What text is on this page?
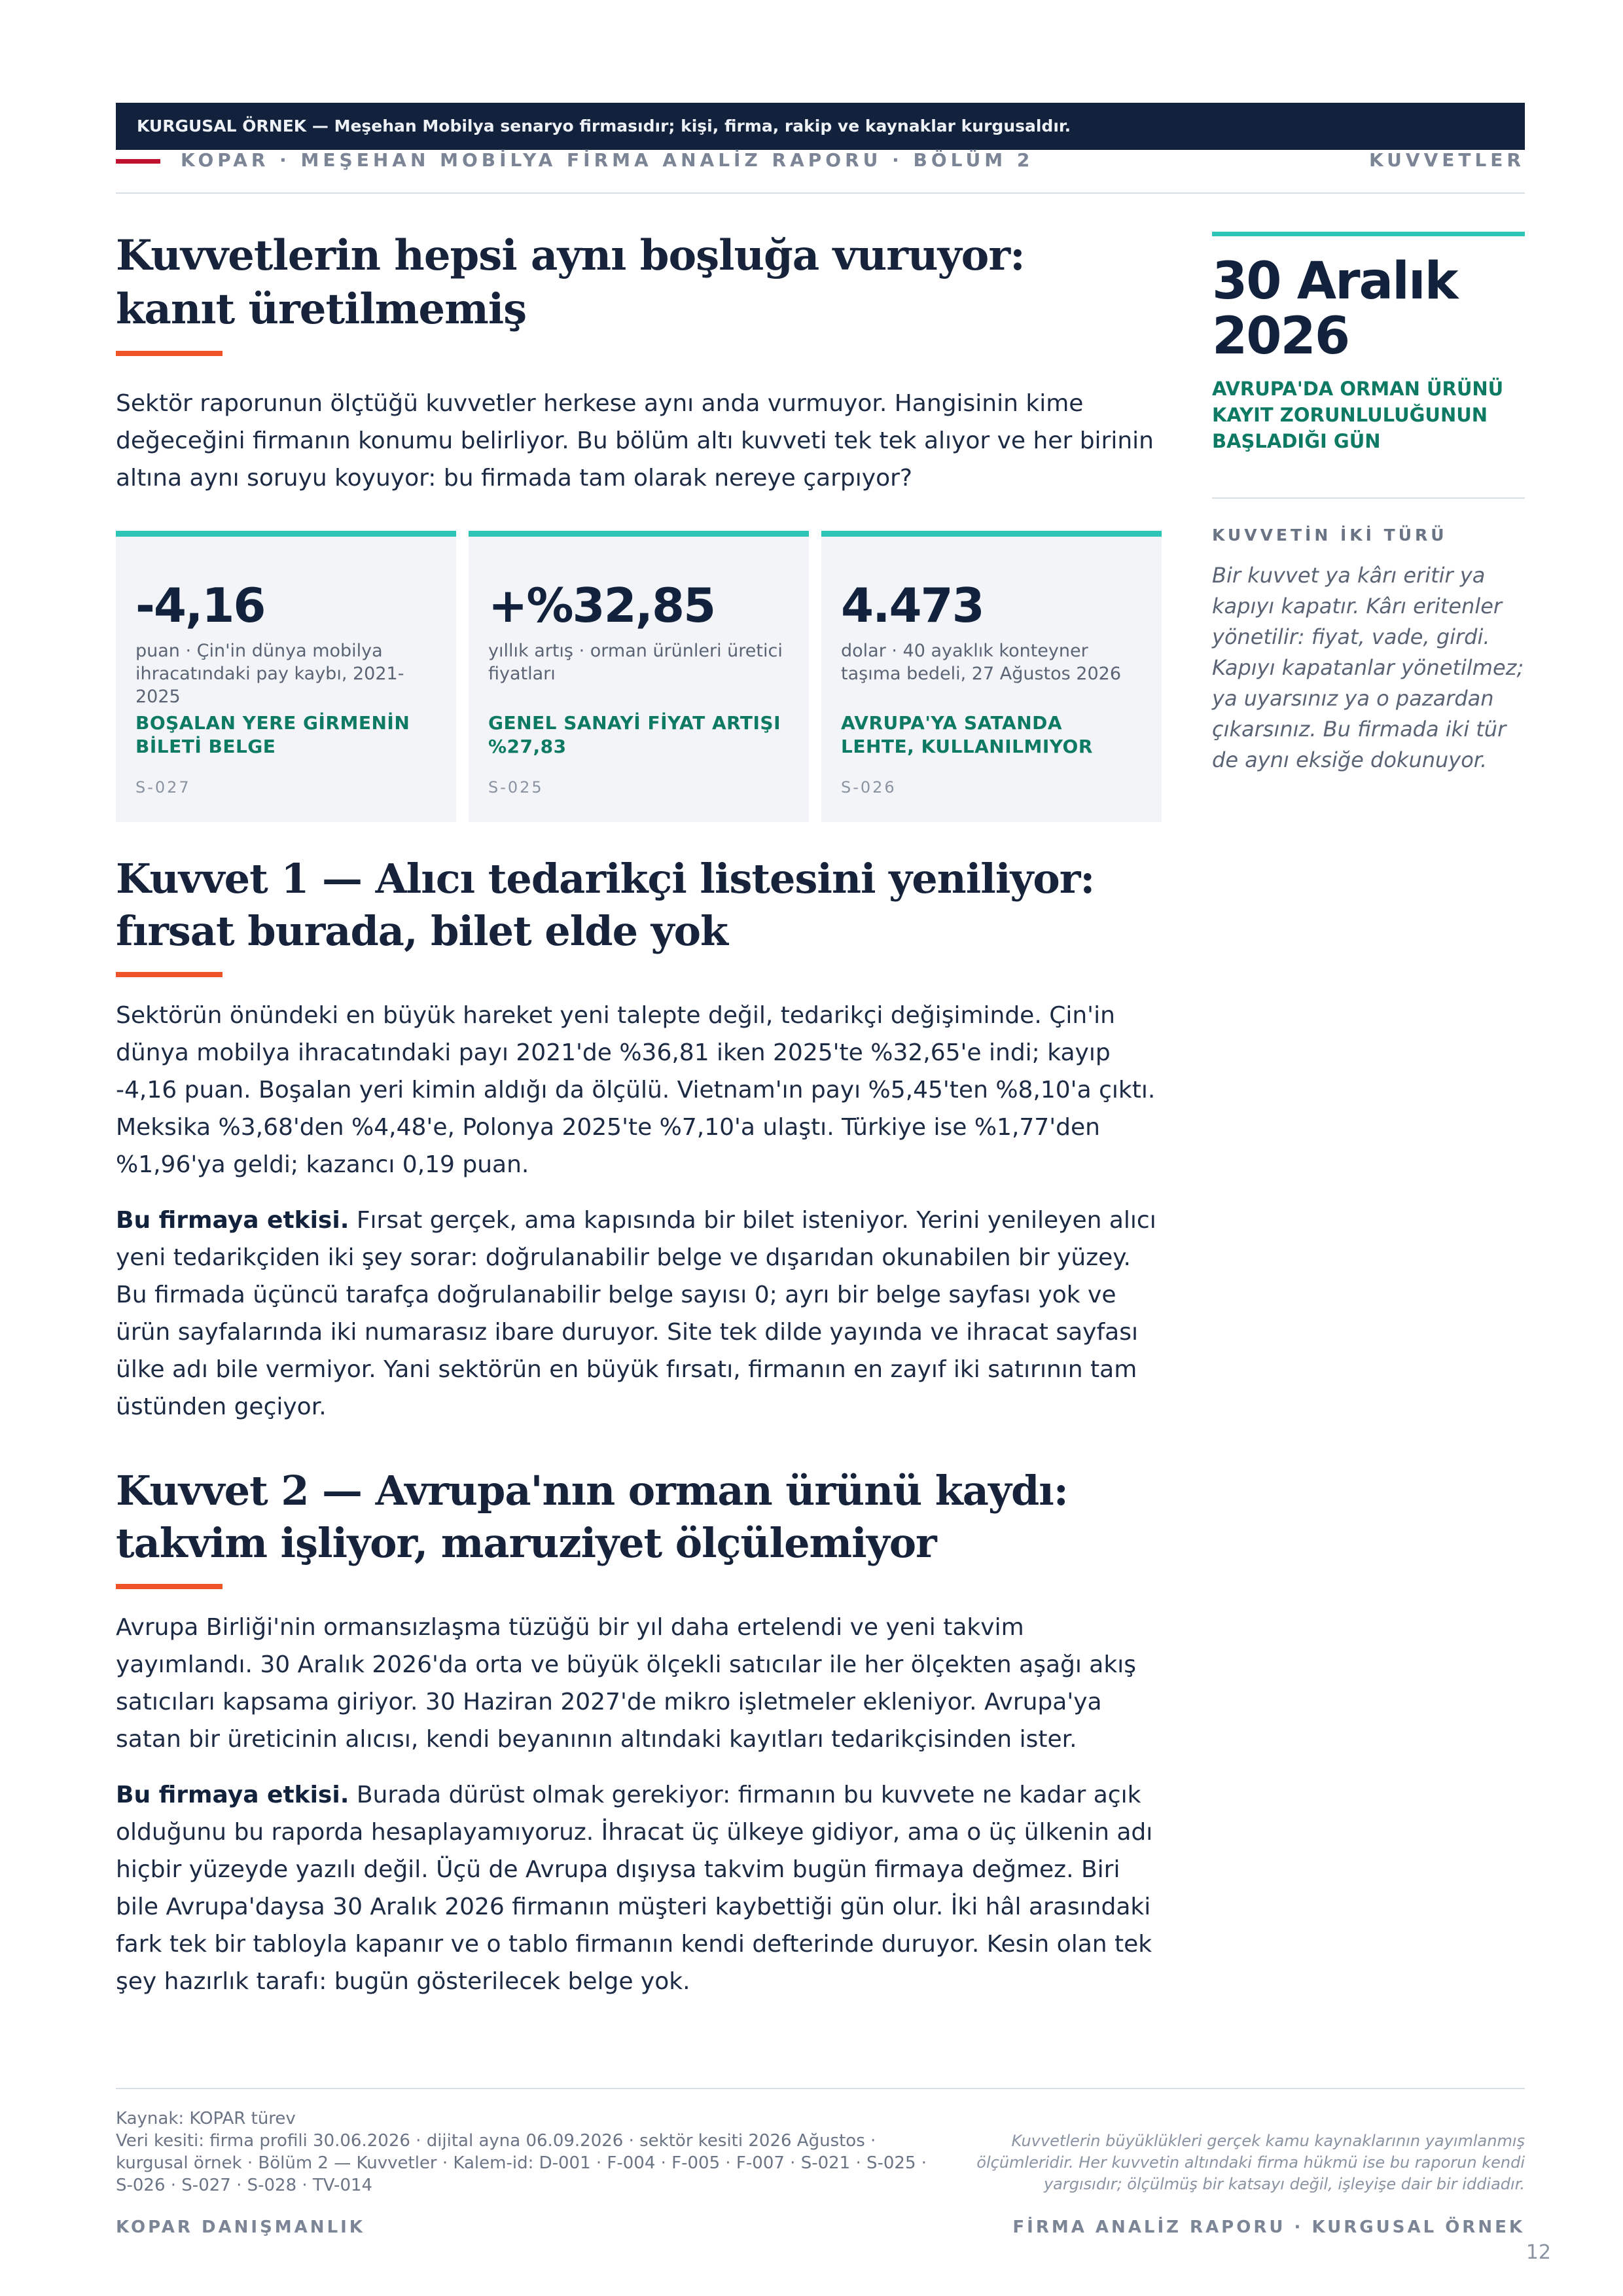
KURGUSAL ÖRNEK — Meşehan Mobilya senaryo firmasıdır; kişi, firma, rakip ve kaynaklar kurgusaldır.
KOPAR · MEŞEHAN MOBİLYA FİRMA ANALİZ RAPORU · BÖLÜM 2	KUVVETLER
Kuvvetlerin hepsi aynı boşluğa vuruyor: kanıt üretilmemiş

Sektör raporunun ölçtüğü kuvvetler herkese aynı anda vurmuyor. Hangisinin kime değeceğini firmanın konumu belirliyor. Bu bölüm altı kuvveti tek tek alıyor ve her birinin altına aynı soruyu koyuyor: bu firmada tam olarak nereye çarpıyor?

-4,16
puan · Çin'in dünya mobilya ihracatındaki pay kaybı, 2021-2025
BOŞALAN YERE GİRMENİN BİLETİ BELGE
S-027
+%32,85
yıllık artış · orman ürünleri üretici fiyatları
GENEL SANAYİ FİYAT ARTIŞI %27,83
S-025
4.473
dolar · 40 ayaklık konteyner taşıma bedeli, 27 Ağustos 2026
AVRUPA'YA SATANDA LEHTE, KULLANILMIYOR
S-026
Kuvvet 1 — Alıcı tedarikçi listesini yeniliyor: fırsat burada, bilet elde yok

Sektörün önündeki en büyük hareket yeni talepte değil, tedarikçi değişiminde. Çin'in dünya mobilya ihracatındaki payı 2021'de %36,81 iken 2025'te %32,65'e indi; kayıp -4,16 puan. Boşalan yeri kimin aldığı da ölçülü. Vietnam'ın payı %5,45'ten %8,10'a çıktı. Meksika %3,68'den %4,48'e, Polonya 2025'te %7,10'a ulaştı. Türkiye ise %1,77'den %1,96'ya geldi; kazancı 0,19 puan.

Bu firmaya etkisi. Fırsat gerçek, ama kapısında bir bilet isteniyor. Yerini yenileyen alıcı yeni tedarikçiden iki şey sorar: doğrulanabilir belge ve dışarıdan okunabilen bir yüzey. Bu firmada üçüncü tarafça doğrulanabilir belge sayısı 0; ayrı bir belge sayfası yok ve ürün sayfalarında iki numarasız ibare duruyor. Site tek dilde yayında ve ihracat sayfası ülke adı bile vermiyor. Yani sektörün en büyük fırsatı, firmanın en zayıf iki satırının tam üstünden geçiyor.

Kuvvet 2 — Avrupa'nın orman ürünü kaydı: takvim işliyor, maruziyet ölçülemiyor

Avrupa Birliği'nin ormansızlaşma tüzüğü bir yıl daha ertelendi ve yeni takvim yayımlandı. 30 Aralık 2026'da orta ve büyük ölçekli satıcılar ile her ölçekten aşağı akış satıcıları kapsama giriyor. 30 Haziran 2027'de mikro işletmeler ekleniyor. Avrupa'ya satan bir üreticinin alıcısı, kendi beyanının altındaki kayıtları tedarikçisinden ister.

Bu firmaya etkisi. Burada dürüst olmak gerekiyor: firmanın bu kuvvete ne kadar açık olduğunu bu raporda hesaplayamıyoruz. İhracat üç ülkeye gidiyor, ama o üç ülkenin adı hiçbir yüzeyde yazılı değil. Üçü de Avrupa dışıysa takvim bugün firmaya değmez. Biri bile Avrupa'daysa 30 Aralık 2026 firmanın müşteri kaybettiği gün olur. İki hâl arasındaki fark tek bir tabloyla kapanır ve o tablo firmanın kendi defterinde duruyor. Kesin olan tek şey hazırlık tarafı: bugün gösterilecek belge yok.

30 Aralık 2026
AVRUPA'DA ORMAN ÜRÜNÜ KAYIT ZORUNLULUĞUNUN BAŞLADIĞI GÜN
KUVVETİN İKİ TÜRÜ

Bir kuvvet ya kârı eritir ya kapıyı kapatır. Kârı eritenler yönetilir: fiyat, vade, girdi. Kapıyı kapatanlar yönetilmez; ya uyarsınız ya o pazardan çıkarsınız. Bu firmada iki tür de aynı eksiğe dokunuyor.

Kaynak: KOPAR türev
Veri kesiti: firma profili 30.06.2026 · dijital ayna 06.09.2026 · sektör kesiti 2026 Ağustos · kurgusal örnek · Bölüm 2 — Kuvvetler · Kalem-id: D-001 · F-004 · F-005 · F-007 · S-021 · S-025 · S-026 · S-027 · S-028 · TV-014

Kuvvetlerin büyüklükleri gerçek kamu kaynaklarının yayımlanmış ölçümleridir. Her kuvvetin altındaki firma hükmü ise bu raporun kendi yargısıdır; ölçülmüş bir katsayı değil, işleyişe dair bir iddiadır.

KOPAR DANIŞMANLIK	FİRMA ANALİZ RAPORU · KURGUSAL ÖRNEK
12
